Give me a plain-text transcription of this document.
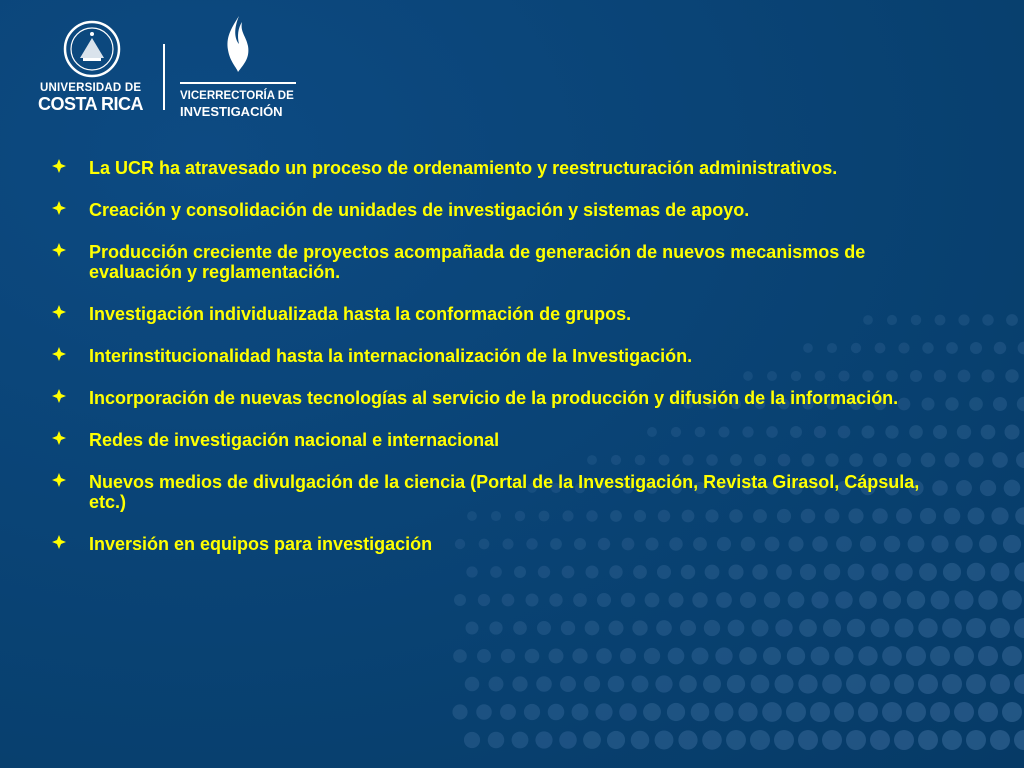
UNIVERSIDAD DE
COSTA RICA	VICERRECTORÍA DE
INVESTIGACIÓN
La UCR ha atravesado un proceso de ordenamiento y reestructuración administrativos.
Creación y consolidación de unidades de investigación y sistemas de apoyo.
Producción creciente de proyectos acompañada de generación de nuevos mecanismos de evaluación y reglamentación.
Investigación individualizada hasta la conformación de grupos.
Interinstitucionalidad hasta la internacionalización de la Investigación.
Incorporación de nuevas tecnologías al servicio de la producción y difusión de la información.
Redes de investigación nacional e internacional
Nuevos medios de divulgación de la ciencia (Portal de la Investigación, Revista Girasol, Cápsula, etc.)
Inversión en equipos para investigación
